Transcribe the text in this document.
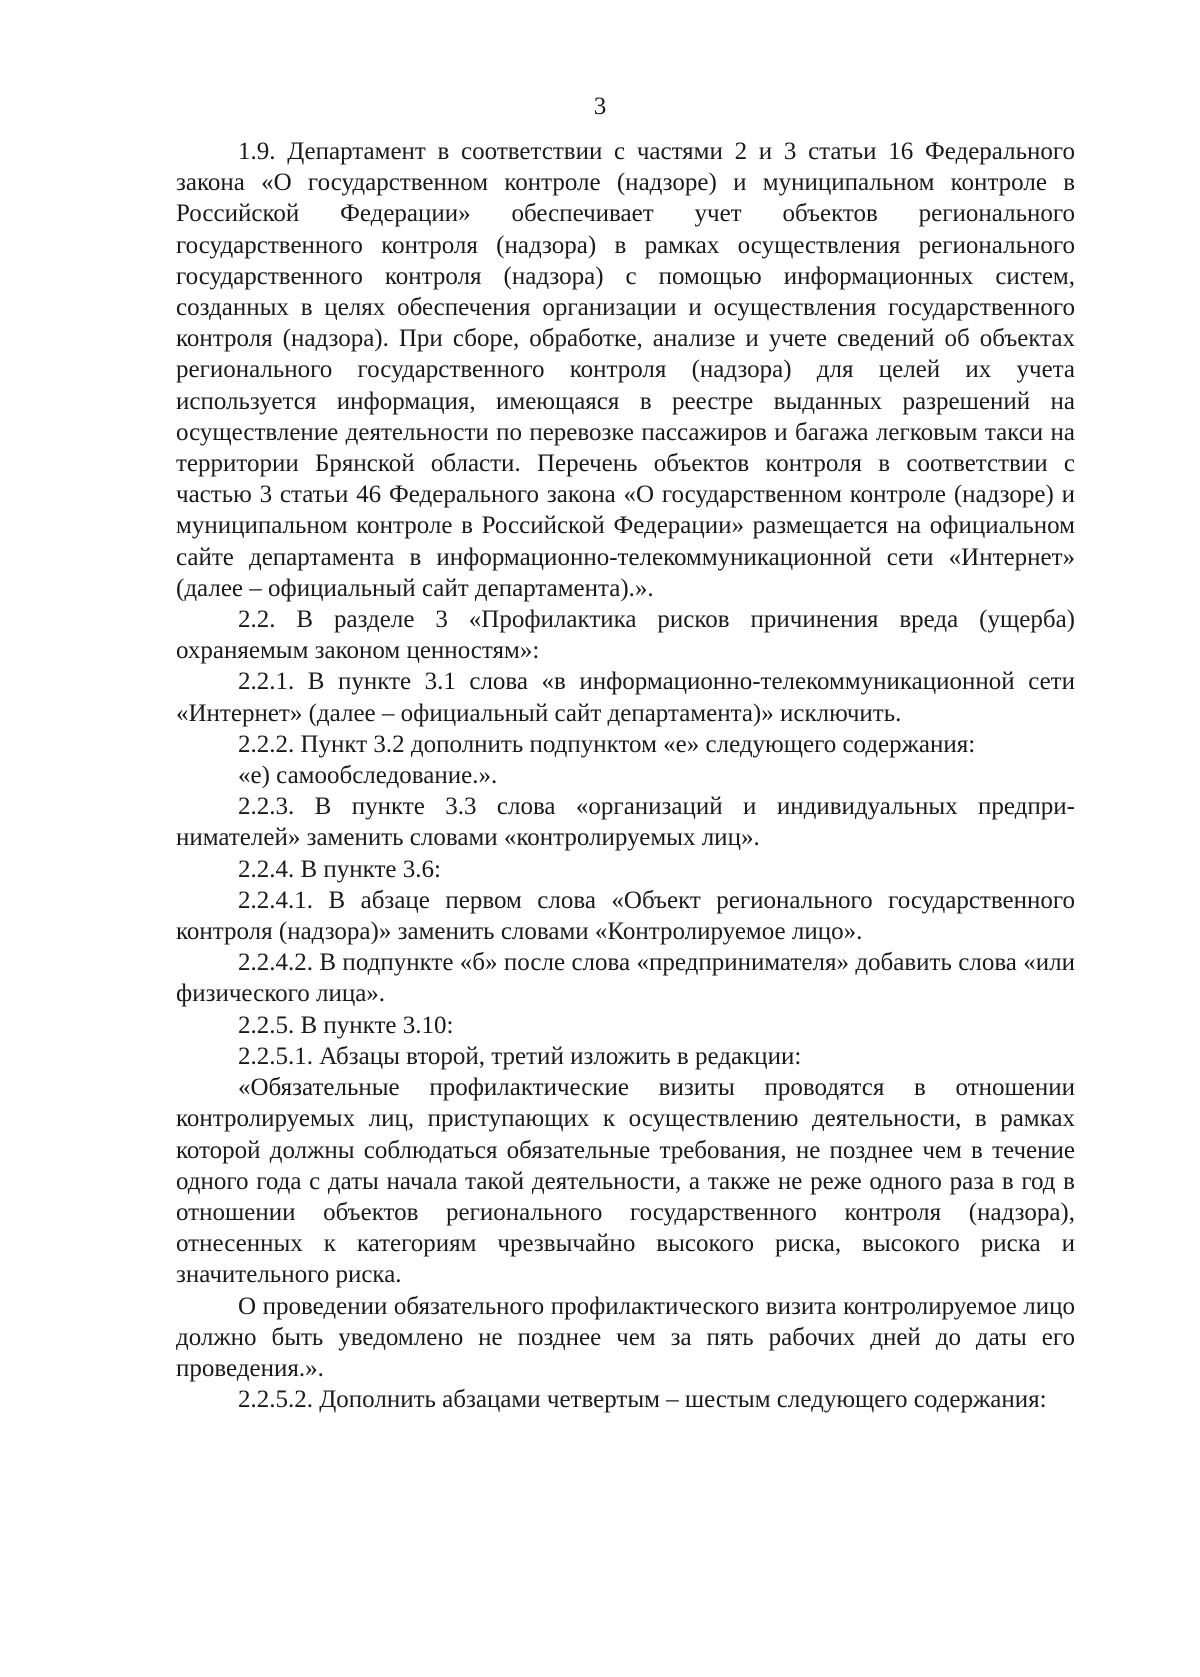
3

1.9. Департамент в соответствии с частями 2 и 3 статьи 16 Федерального закона «О государственном контроле (надзоре) и муниципальном контроле в Российской Федерации» обеспечивает учет объектов регионального государственного контроля (надзора) в рамках осуществления регионального государственного контроля (надзора) с помощью информационных систем, созданных в целях обеспечения организации и осуществления государственного контроля (надзора). При сборе, обработке, анализе и учете сведений об объектах регионального государственного контроля (надзора) для целей их учета используется информация, имеющаяся в реестре выданных разрешений на осуществление деятельности по перевозке пассажиров и багажа легковым такси на территории Брянской области. Перечень объектов контроля в соответствии с частью 3 статьи 46 Федерального закона «О государственном контроле (надзоре) и муниципальном контроле в Российской Федерации» размещается на официальном сайте департамента в информационно-телекоммуникационной сети «Интернет» (далее – официальный сайт департамента).».

2.2. В разделе 3 «Профилактика рисков причинения вреда (ущерба) охраняемым законом ценностям»:

2.2.1. В пункте 3.1 слова «в информационно-телекоммуникационной сети «Интернет» (далее – официальный сайт департамента)» исключить.

2.2.2. Пункт 3.2 дополнить подпунктом «е» следующего содержания:

«е) самообследование.».

2.2.3. В пункте 3.3 слова «организаций и индивидуальных предпринимателей» заменить словами «контролируемых лиц».

2.2.4. В пункте 3.6:

2.2.4.1. В абзаце первом слова «Объект регионального государственного контроля (надзора)» заменить словами «Контролируемое лицо».

2.2.4.2. В подпункте «б» после слова «предпринимателя» добавить слова «или физического лица».

2.2.5. В пункте 3.10:

2.2.5.1. Абзацы второй, третий изложить в редакции:

«Обязательные профилактические визиты проводятся в отношении контролируемых лиц, приступающих к осуществлению деятельности, в рамках которой должны соблюдаться обязательные требования, не позднее чем в течение одного года с даты начала такой деятельности, а также не реже одного раза в год в отношении объектов регионального государственного контроля (надзора), отнесенных к категориям чрезвычайно высокого риска, высокого риска и значительного риска.

О проведении обязательного профилактического визита контролируемое лицо должно быть уведомлено не позднее чем за пять рабочих дней до даты его проведения.».

2.2.5.2. Дополнить абзацами четвертым – шестым следующего содержания:
